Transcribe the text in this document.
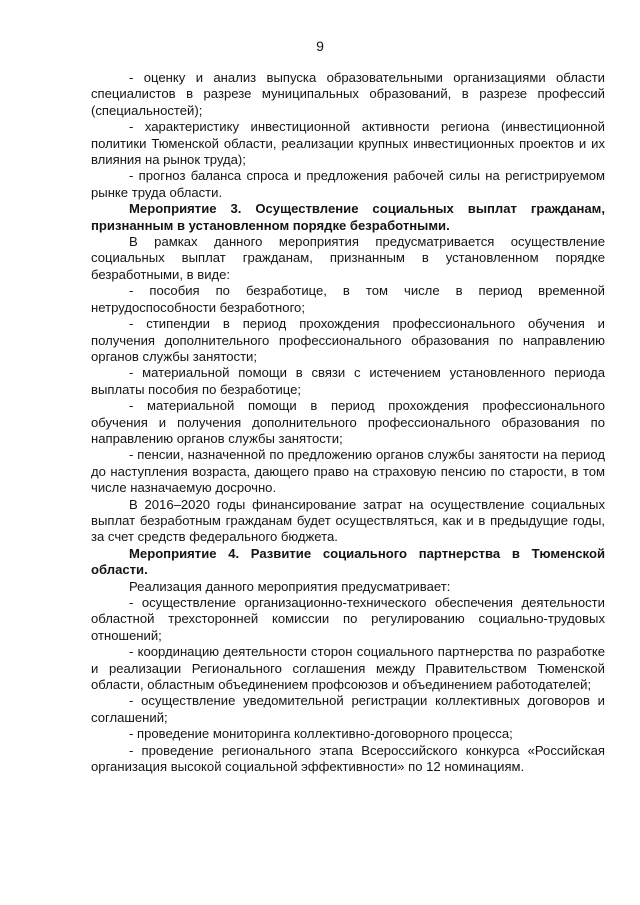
9

- оценку и анализ выпуска образовательными организациями области специалистов в разрезе муниципальных образований, в разрезе профессий (специальностей);

- характеристику инвестиционной активности региона (инвестиционной политики Тюменской области, реализации крупных инвестиционных проектов и их влияния на рынок труда);

- прогноз баланса спроса и предложения рабочей силы на регистрируемом рынке труда области.

Мероприятие 3. Осуществление социальных выплат гражданам, признанным в установленном порядке безработными.

В рамках данного мероприятия предусматривается осуществление социальных выплат гражданам, признанным в установленном порядке безработными, в виде:

- пособия по безработице, в том числе в период временной нетрудоспособности безработного;

- стипендии в период прохождения профессионального обучения и получения дополнительного профессионального образования по направлению органов службы занятости;

- материальной помощи в связи с истечением установленного периода выплаты пособия по безработице;

- материальной помощи в период прохождения профессионального обучения и получения дополнительного профессионального образования по направлению органов службы занятости;

- пенсии, назначенной по предложению органов службы занятости на период до наступления возраста, дающего право на страховую пенсию по старости, в том числе назначаемую досрочно.

В 2016–2020 годы финансирование затрат на осуществление социальных выплат безработным гражданам будет осуществляться, как и в предыдущие годы, за счет средств федерального бюджета.

Мероприятие 4. Развитие социального партнерства в Тюменской области.

Реализация данного мероприятия предусматривает:

- осуществление организационно-технического обеспечения деятельности областной трехсторонней комиссии по регулированию социально-трудовых отношений;

- координацию деятельности сторон социального партнерства по разработке и реализации Регионального соглашения между Правительством Тюменской области, областным объединением профсоюзов и объединением работодателей;

- осуществление уведомительной регистрации коллективных договоров и соглашений;

- проведение мониторинга коллективно-договорного процесса;

- проведение регионального этапа Всероссийского конкурса «Российская организация высокой социальной эффективности» по 12 номинациям.
